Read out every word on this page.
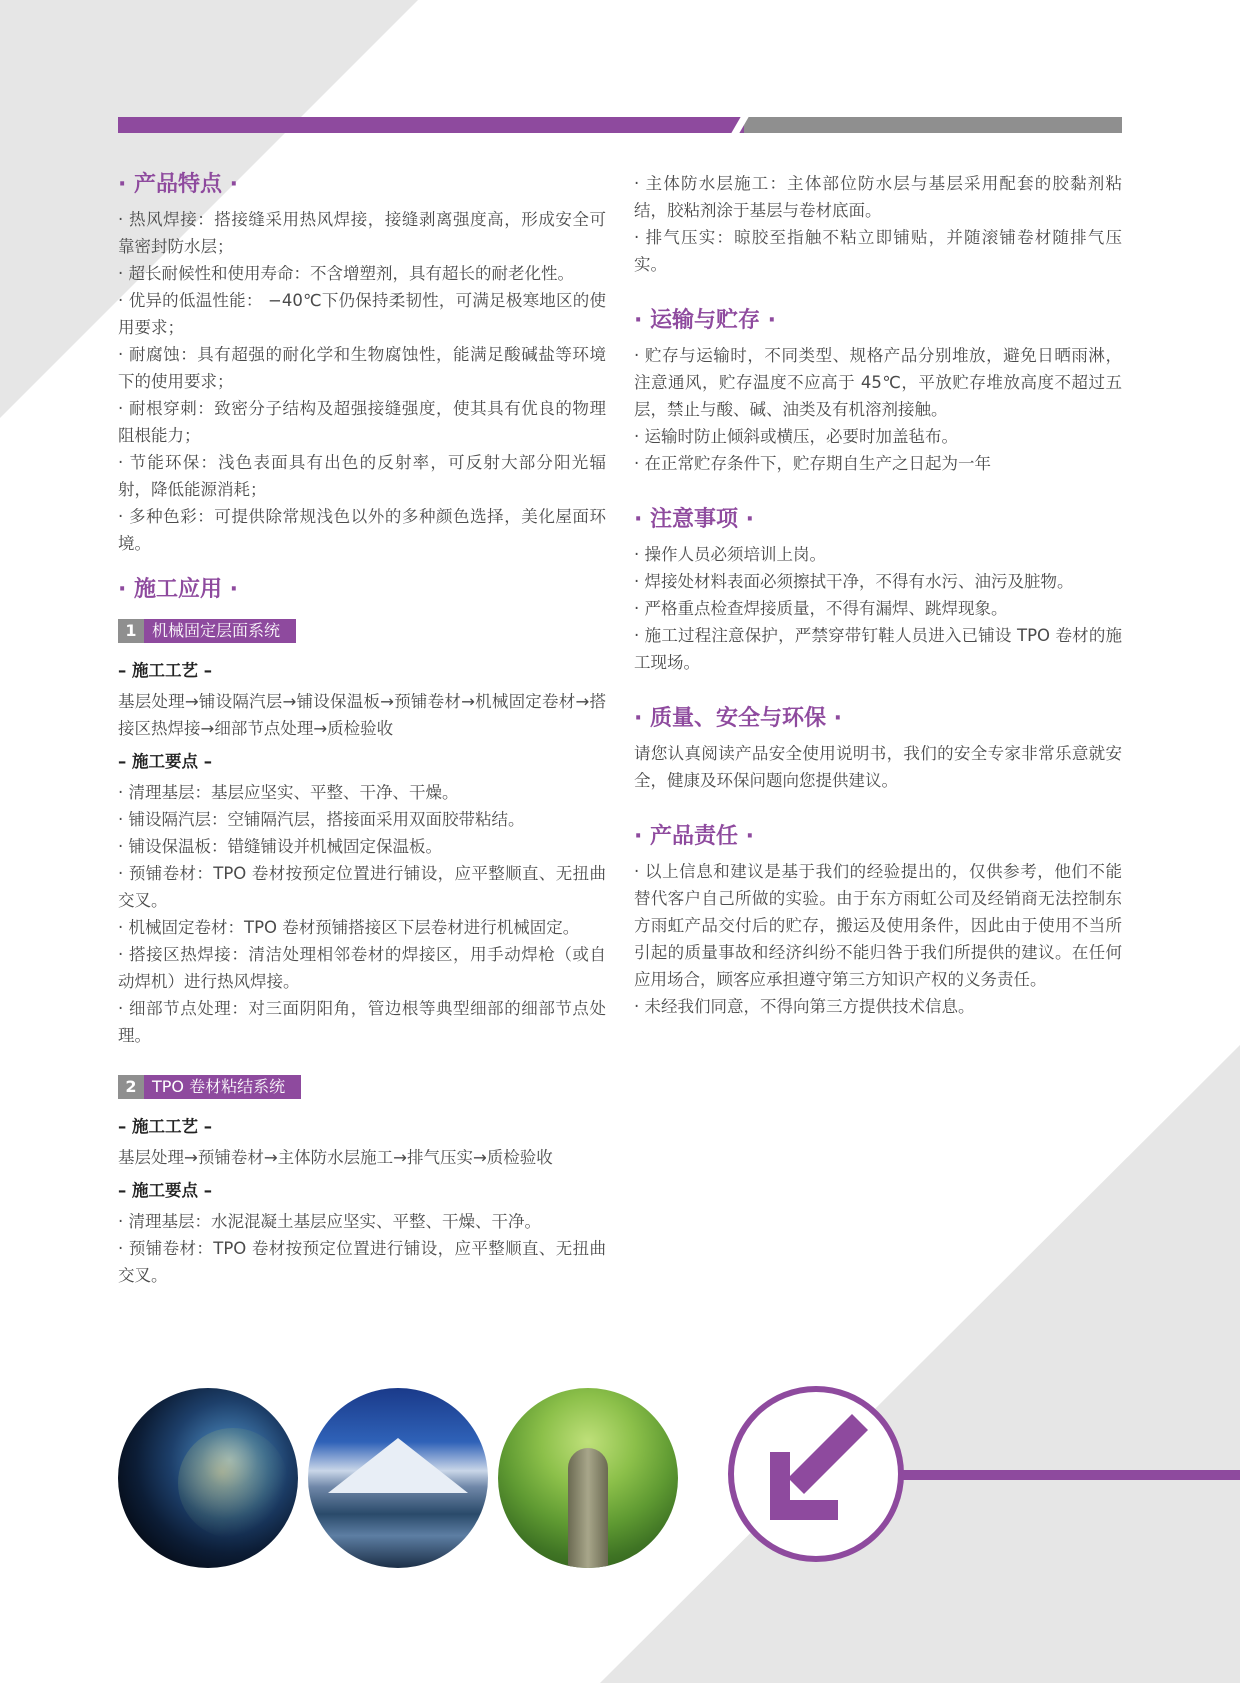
· 产品特点 ·

· 热风焊接：搭接缝采用热风焊接，接缝剥离强度高，形成安全可靠密封防水层；

· 超长耐候性和使用寿命：不含增塑剂，具有超长的耐老化性。

· 优异的低温性能： −40℃下仍保持柔韧性，可满足极寒地区的使用要求；

· 耐腐蚀：具有超强的耐化学和生物腐蚀性，能满足酸碱盐等环境下的使用要求；

· 耐根穿刺：致密分子结构及超强接缝强度，使其具有优良的物理阻根能力；

· 节能环保：浅色表面具有出色的反射率，可反射大部分阳光辐射，降低能源消耗；

· 多种色彩：可提供除常规浅色以外的多种颜色选择，美化屋面环境。

· 施工应用 ·
1 机械固定层面系统
– 施工工艺 –

基层处理→铺设隔汽层→铺设保温板→预铺卷材→机械固定卷材→搭接区热焊接→细部节点处理→质检验收

– 施工要点 –

· 清理基层：基层应坚实、平整、干净、干燥。

· 铺设隔汽层：空铺隔汽层，搭接面采用双面胶带粘结。

· 铺设保温板：错缝铺设并机械固定保温板。

· 预铺卷材：TPO 卷材按预定位置进行铺设，应平整顺直、无扭曲交叉。

· 机械固定卷材：TPO 卷材预铺搭接区下层卷材进行机械固定。

· 搭接区热焊接：清洁处理相邻卷材的焊接区，用手动焊枪（或自动焊机）进行热风焊接。

· 细部节点处理：对三面阴阳角，管边根等典型细部的细部节点处理。

2 TPO 卷材粘结系统
– 施工工艺 –

基层处理→预铺卷材→主体防水层施工→排气压实→质检验收

– 施工要点 –

· 清理基层：水泥混凝土基层应坚实、平整、干燥、干净。

· 预铺卷材：TPO 卷材按预定位置进行铺设，应平整顺直、无扭曲交叉。

· 主体防水层施工：主体部位防水层与基层采用配套的胶黏剂粘结，胶粘剂涂于基层与卷材底面。

· 排气压实：晾胶至指触不粘立即铺贴，并随滚铺卷材随排气压实。

· 运输与贮存 ·

· 贮存与运输时，不同类型、规格产品分别堆放，避免日晒雨淋，注意通风，贮存温度不应高于 45℃，平放贮存堆放高度不超过五层，禁止与酸、碱、油类及有机溶剂接触。

· 运输时防止倾斜或横压，必要时加盖毡布。

· 在正常贮存条件下，贮存期自生产之日起为一年

· 注意事项 ·

· 操作人员必须培训上岗。

· 焊接处材料表面必须擦拭干净，不得有水污、油污及脏物。

· 严格重点检查焊接质量，不得有漏焊、跳焊现象。

· 施工过程注意保护，严禁穿带钉鞋人员进入已铺设 TPO 卷材的施工现场。

· 质量、安全与环保 ·

请您认真阅读产品安全使用说明书，我们的安全专家非常乐意就安全，健康及环保问题向您提供建议。

· 产品责任 ·

· 以上信息和建议是基于我们的经验提出的，仅供参考，他们不能替代客户自己所做的实验。由于东方雨虹公司及经销商无法控制东方雨虹产品交付后的贮存，搬运及使用条件，因此由于使用不当所引起的质量事故和经济纠纷不能归咎于我们所提供的建议。在任何应用场合，顾客应承担遵守第三方知识产权的义务责任。

· 未经我们同意，不得向第三方提供技术信息。
